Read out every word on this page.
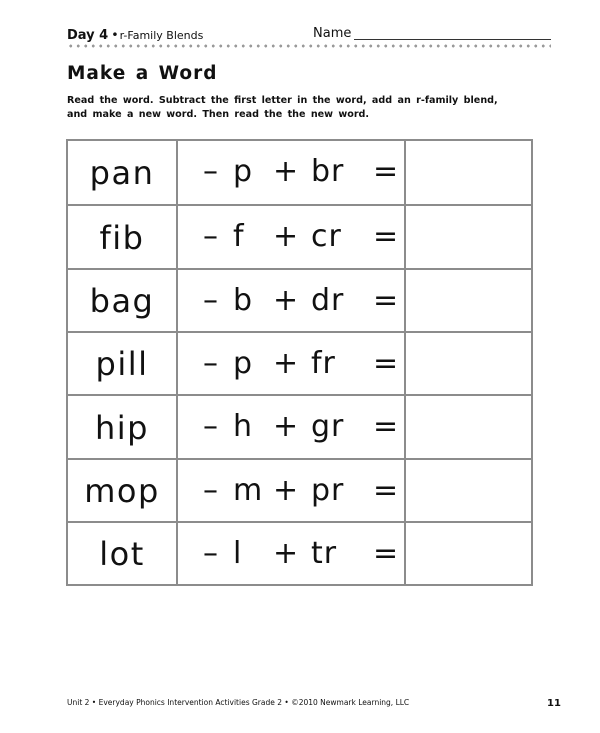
Day 4 •r-Family Blends	Name
Make a Word
Read the word. Subtract the first letter in the word, add an r-family blend, and make a new word. Then read the the new word.
pan	– p + br =
fib	– f + cr =
bag	– b + dr =
pill	– p + fr =
hip	– h + gr =
mop	– m + pr =
lot	– l + tr =
Unit 2 • Everyday Phonics Intervention Activities Grade 2 • ©2010 Newmark Learning, LLC	11
